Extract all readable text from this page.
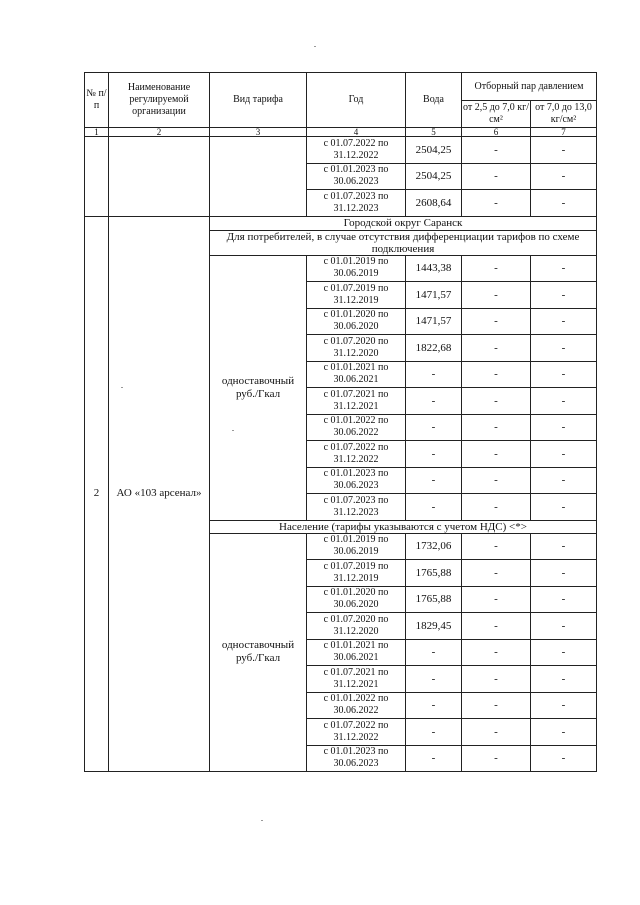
№ п/п	Наименование регулируемой организации	Вид тарифа	Год	Вода	Отборный пар давлением	
					от 2,5 до 7,0 кг/см²	от 7,0 до 13,0 кг/см²
1	2	3	4	5	6	7
			с 01.07.2022 по 31.12.2022	2504,25	-	-
			с 01.01.2023 по 30.06.2023	2504,25	-	-
			с 01.07.2023 по 31.12.2023	2608,64	-	-
2	АО «103 арсенал»	Городской округ Саранск				
		Для потребителей, в случае отсутствия дифференциации тарифов по схеме подключения				
		одноставочный руб./Гкал	с 01.01.2019 по 30.06.2019	1443,38	-	-
			с 01.07.2019 по 31.12.2019	1471,57	-	-
			с 01.01.2020 по 30.06.2020	1471,57	-	-
			с 01.07.2020 по 31.12.2020	1822,68	-	-
			с 01.01.2021 по 30.06.2021	-	-	-
			с 01.07.2021 по 31.12.2021	-	-	-
			с 01.01.2022 по 30.06.2022	-	-	-
			с 01.07.2022 по 31.12.2022	-	-	-
			с 01.01.2023 по 30.06.2023	-	-	-
			с 01.07.2023 по 31.12.2023	-	-	-
		Население (тарифы указываются с учетом НДС) <*>				
		одноставочный руб./Гкал	с 01.01.2019 по 30.06.2019	1732,06	-	-
			с 01.07.2019 по 31.12.2019	1765,88	-	-
			с 01.01.2020 по 30.06.2020	1765,88	-	-
			с 01.07.2020 по 31.12.2020	1829,45	-	-
			с 01.01.2021 по 30.06.2021	-	-	-
			с 01.07.2021 по 31.12.2021	-	-	-
			с 01.01.2022 по 30.06.2022	-	-	-
			с 01.07.2022 по 31.12.2022	-	-	-
			с 01.01.2023 по 30.06.2023	-	-	-
